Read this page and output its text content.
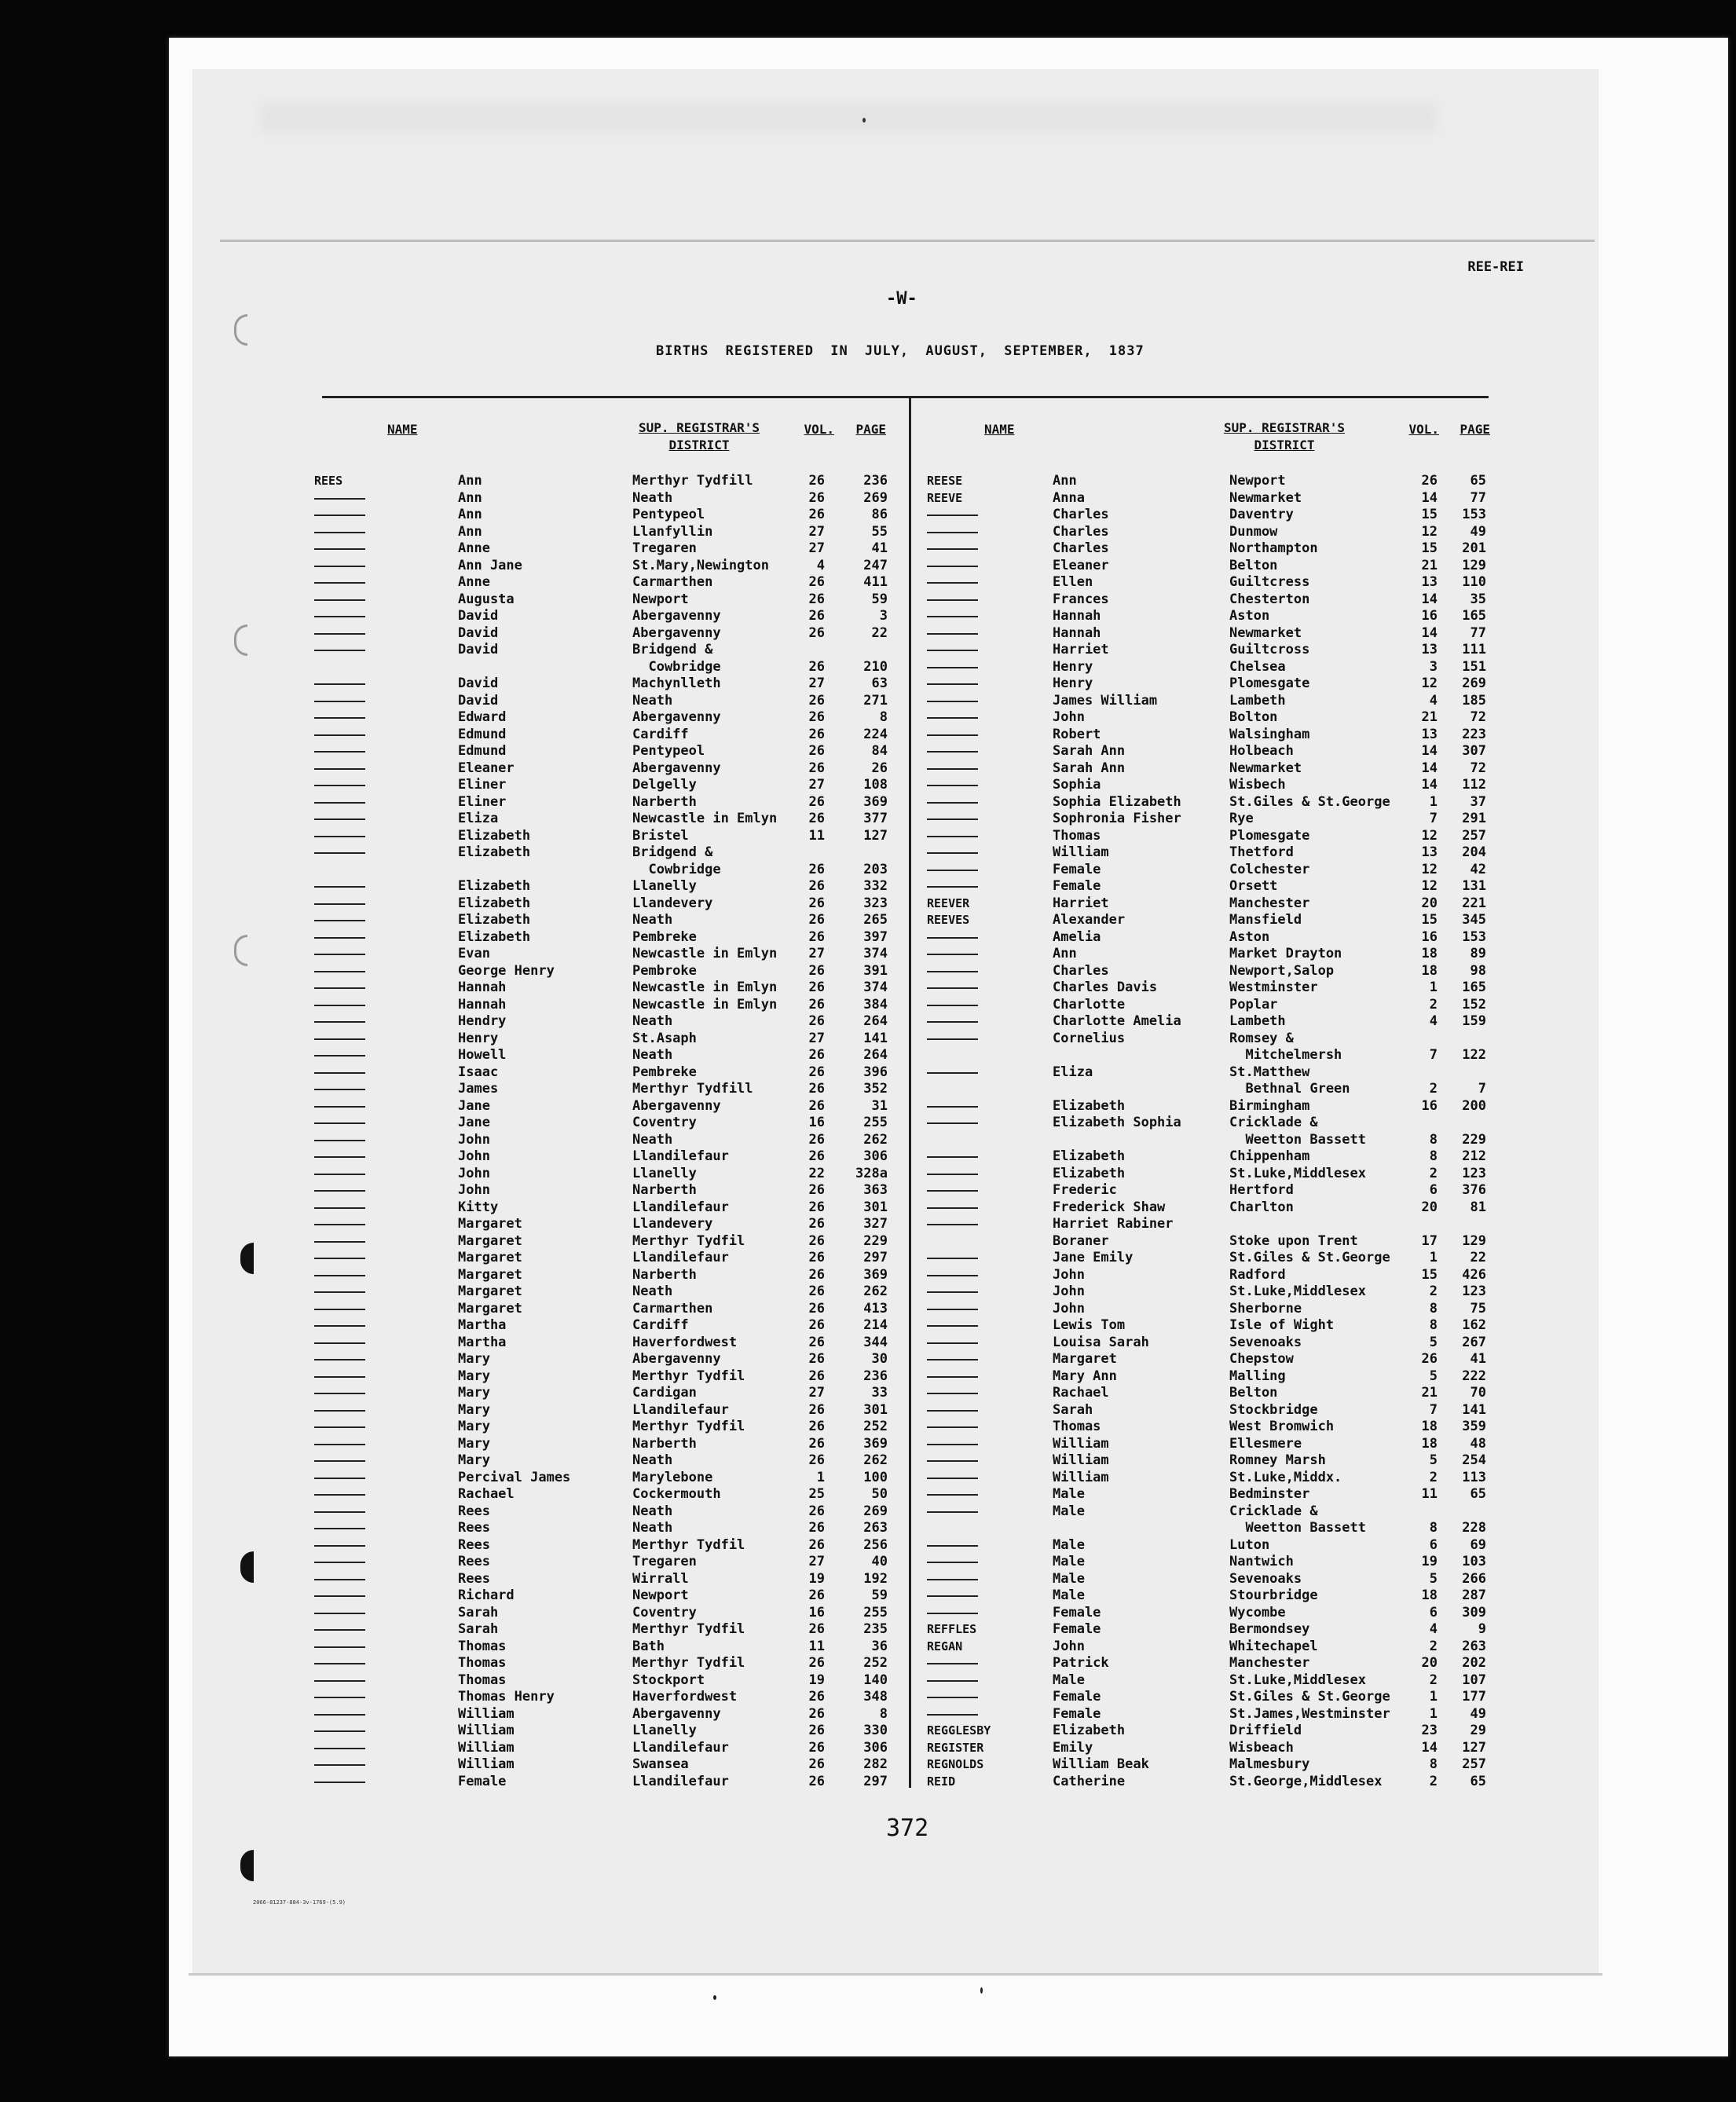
REE-REI
-W-
BIRTHS REGISTERED IN JULY, AUGUST, SEPTEMBER, 1837
NAME	SUP. REGISTRAR'S
DISTRICT
VOL.	PAGE	NAME	SUP. REGISTRAR'S
DISTRICT
VOL.	PAGE
REES	Ann	Merthyr Tydfill	26	236
Ann	Neath	26	269
Ann	Pentypeol	26	86
Ann	Llanfyllin	27	55
Anne	Tregaren	27	41
Ann Jane	St.Mary,Newington	4	247
Anne	Carmarthen	26	411
Augusta	Newport	26	59
David	Abergavenny	26	3
David	Abergavenny	26	22
David	Bridgend &
Cowbridge	26	210
David	Machynlleth	27	63
David	Neath	26	271
Edward	Abergavenny	26	8
Edmund	Cardiff	26	224
Edmund	Pentypeol	26	84
Eleaner	Abergavenny	26	26
Eliner	Delgelly	27	108
Eliner	Narberth	26	369
Eliza	Newcastle in Emlyn	26	377
Elizabeth	Bristel	11	127
Elizabeth	Bridgend &
Cowbridge	26	203
Elizabeth	Llanelly	26	332
Elizabeth	Llandevery	26	323
Elizabeth	Neath	26	265
Elizabeth	Pembreke	26	397
Evan	Newcastle in Emlyn	27	374
George Henry	Pembroke	26	391
Hannah	Newcastle in Emlyn	26	374
Hannah	Newcastle in Emlyn	26	384
Hendry	Neath	26	264
Henry	St.Asaph	27	141
Howell	Neath	26	264
Isaac	Pembreke	26	396
James	Merthyr Tydfill	26	352
Jane	Abergavenny	26	31
Jane	Coventry	16	255
John	Neath	26	262
John	Llandilefaur	26	306
John	Llanelly	22	328a
John	Narberth	26	363
Kitty	Llandilefaur	26	301
Margaret	Llandevery	26	327
Margaret	Merthyr Tydfil	26	229
Margaret	Llandilefaur	26	297
Margaret	Narberth	26	369
Margaret	Neath	26	262
Margaret	Carmarthen	26	413
Martha	Cardiff	26	214
Martha	Haverfordwest	26	344
Mary	Abergavenny	26	30
Mary	Merthyr Tydfil	26	236
Mary	Cardigan	27	33
Mary	Llandilefaur	26	301
Mary	Merthyr Tydfil	26	252
Mary	Narberth	26	369
Mary	Neath	26	262
Percival James	Marylebone	1	100
Rachael	Cockermouth	25	50
Rees	Neath	26	269
Rees	Neath	26	263
Rees	Merthyr Tydfil	26	256
Rees	Tregaren	27	40
Rees	Wirrall	19	192
Richard	Newport	26	59
Sarah	Coventry	16	255
Sarah	Merthyr Tydfil	26	235
Thomas	Bath	11	36
Thomas	Merthyr Tydfil	26	252
Thomas	Stockport	19	140
Thomas Henry	Haverfordwest	26	348
William	Abergavenny	26	8
William	Llanelly	26	330
William	Llandilefaur	26	306
William	Swansea	26	282
Female	Llandilefaur	26	297
REESE	Ann	Newport	26	65
REEVE	Anna	Newmarket	14	77
Charles	Daventry	15	153
Charles	Dunmow	12	49
Charles	Northampton	15	201
Eleaner	Belton	21	129
Ellen	Guiltcress	13	110
Frances	Chesterton	14	35
Hannah	Aston	16	165
Hannah	Newmarket	14	77
Harriet	Guiltcross	13	111
Henry	Chelsea	3	151
Henry	Plomesgate	12	269
James William	Lambeth	4	185
John	Bolton	21	72
Robert	Walsingham	13	223
Sarah Ann	Holbeach	14	307
Sarah Ann	Newmarket	14	72
Sophia	Wisbech	14	112
Sophia Elizabeth	St.Giles & St.George	1	37
Sophronia Fisher	Rye	7	291
Thomas	Plomesgate	12	257
William	Thetford	13	204
Female	Colchester	12	42
Female	Orsett	12	131
REEVER	Harriet	Manchester	20	221
REEVES	Alexander	Mansfield	15	345
Amelia	Aston	16	153
Ann	Market Drayton	18	89
Charles	Newport,Salop	18	98
Charles Davis	Westminster	1	165
Charlotte	Poplar	2	152
Charlotte Amelia	Lambeth	4	159
Cornelius	Romsey &
Mitchelmersh	7	122
Eliza	St.Matthew
Bethnal Green	2	7
Elizabeth	Birmingham	16	200
Elizabeth Sophia	Cricklade &
Weetton Bassett	8	229
Elizabeth	Chippenham	8	212
Elizabeth	St.Luke,Middlesex	2	123
Frederic	Hertford	6	376
Frederick Shaw	Charlton	20	81
Harriet Rabiner
Boraner	Stoke upon Trent	17	129
Jane Emily	St.Giles & St.George	1	22
John	Radford	15	426
John	St.Luke,Middlesex	2	123
John	Sherborne	8	75
Lewis Tom	Isle of Wight	8	162
Louisa Sarah	Sevenoaks	5	267
Margaret	Chepstow	26	41
Mary Ann	Malling	5	222
Rachael	Belton	21	70
Sarah	Stockbridge	7	141
Thomas	West Bromwich	18	359
William	Ellesmere	18	48
William	Romney Marsh	5	254
William	St.Luke,Middx.	2	113
Male	Bedminster	11	65
Male	Cricklade &
Weetton Bassett	8	228
Male	Luton	6	69
Male	Nantwich	19	103
Male	Sevenoaks	5	266
Male	Stourbridge	18	287
Female	Wycombe	6	309
REFFLES	Female	Bermondsey	4	9
REGAN	John	Whitechapel	2	263
Patrick	Manchester	20	202
Male	St.Luke,Middlesex	2	107
Female	St.Giles & St.George	1	177
Female	St.James,Westminster	1	49
REGGLESBY	Elizabeth	Driffield	23	29
REGISTER	Emily	Wisbeach	14	127
REGNOLDS	William Beak	Malmesbury	8	257
REID	Catherine	St.George,Middlesex	2	65
372
2066-81237-884-3v-1769-(5.9)
